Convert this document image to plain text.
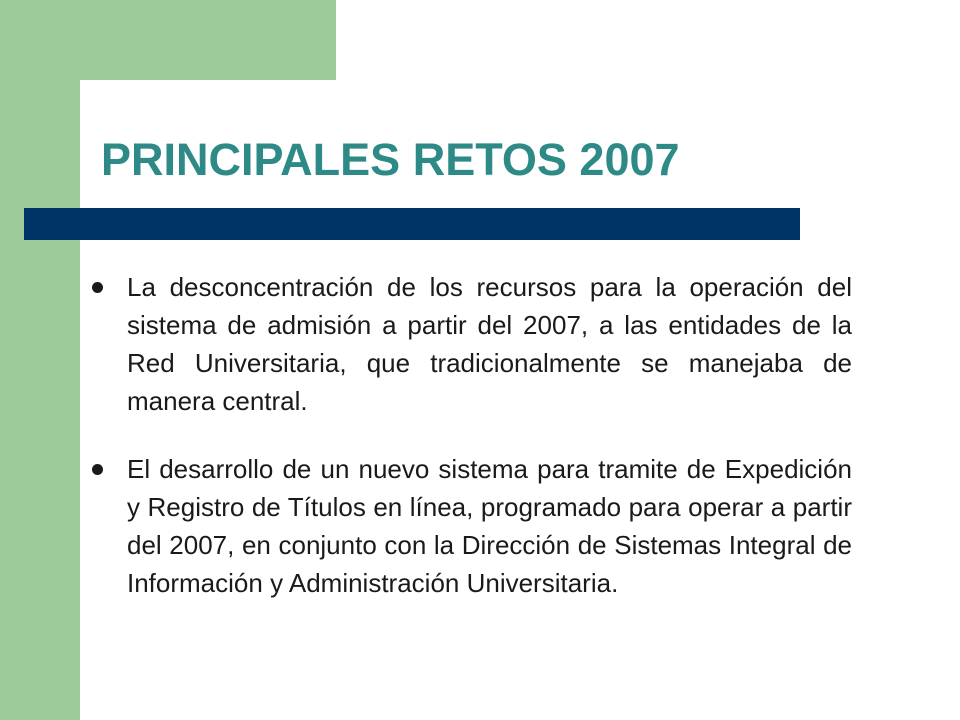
PRINCIPALES RETOS 2007
La desconcentración de los recursos para la operación del sistema de admisión a partir del 2007, a las entidades de la Red Universitaria, que tradicionalmente se manejaba de manera central.
El desarrollo de un nuevo sistema para tramite de Expedición y Registro de Títulos en línea, programado para operar a partir del 2007, en conjunto con la Dirección de Sistemas Integral de Información y Administración Universitaria.
